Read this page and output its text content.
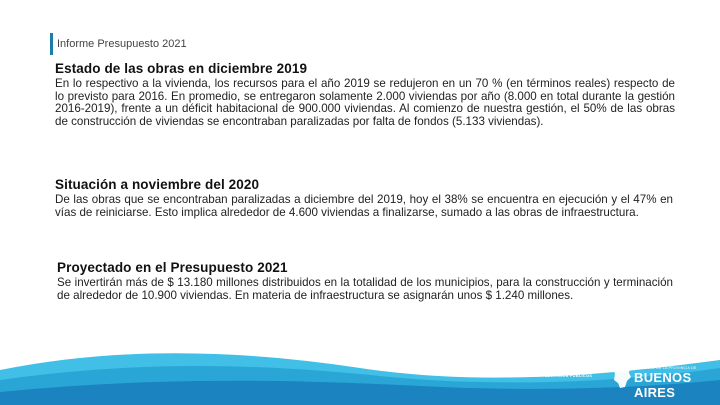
Informe Presupuesto 2021
Estado de las obras en diciembre 2019

En lo respectivo a la vivienda, los recursos para el año 2019 se redujeron en un 70 % (en términos reales) respecto de lo previsto para 2016. En promedio, se entregaron solamente 2.000 viviendas por año (8.000 en total durante la gestión 2016-2019), frente a un déficit habitacional de 900.000 viviendas. Al comienzo de nuestra gestión, el 50% de las obras de construcción de viviendas se encontraban paralizadas por falta de fondos (5.133 viviendas).

Situación a noviembre del 2020

De las obras que se encontraban paralizadas a diciembre del 2019, hoy el 38% se encuentra en ejecución y el 47% en vías de reiniciarse. Esto implica alrededor de 4.600 viviendas a finalizarse, sumado a las obras de infraestructura.

Proyectado en el Presupuesto 2021

Se invertirán más de $ 13.180 millones distribuidos en la totalidad de los municipios, para la construcción y terminación de alrededor de 10.900 viviendas. En materia de infraestructura se asignarán unos $ 1.240 millones.

MINISTERIO DE
INFRAESTRUCTURA Y SERVICIOS PÚBLICOS
GOBIERNO DE LA PROVINCIA DE
BUENOS AIRES
